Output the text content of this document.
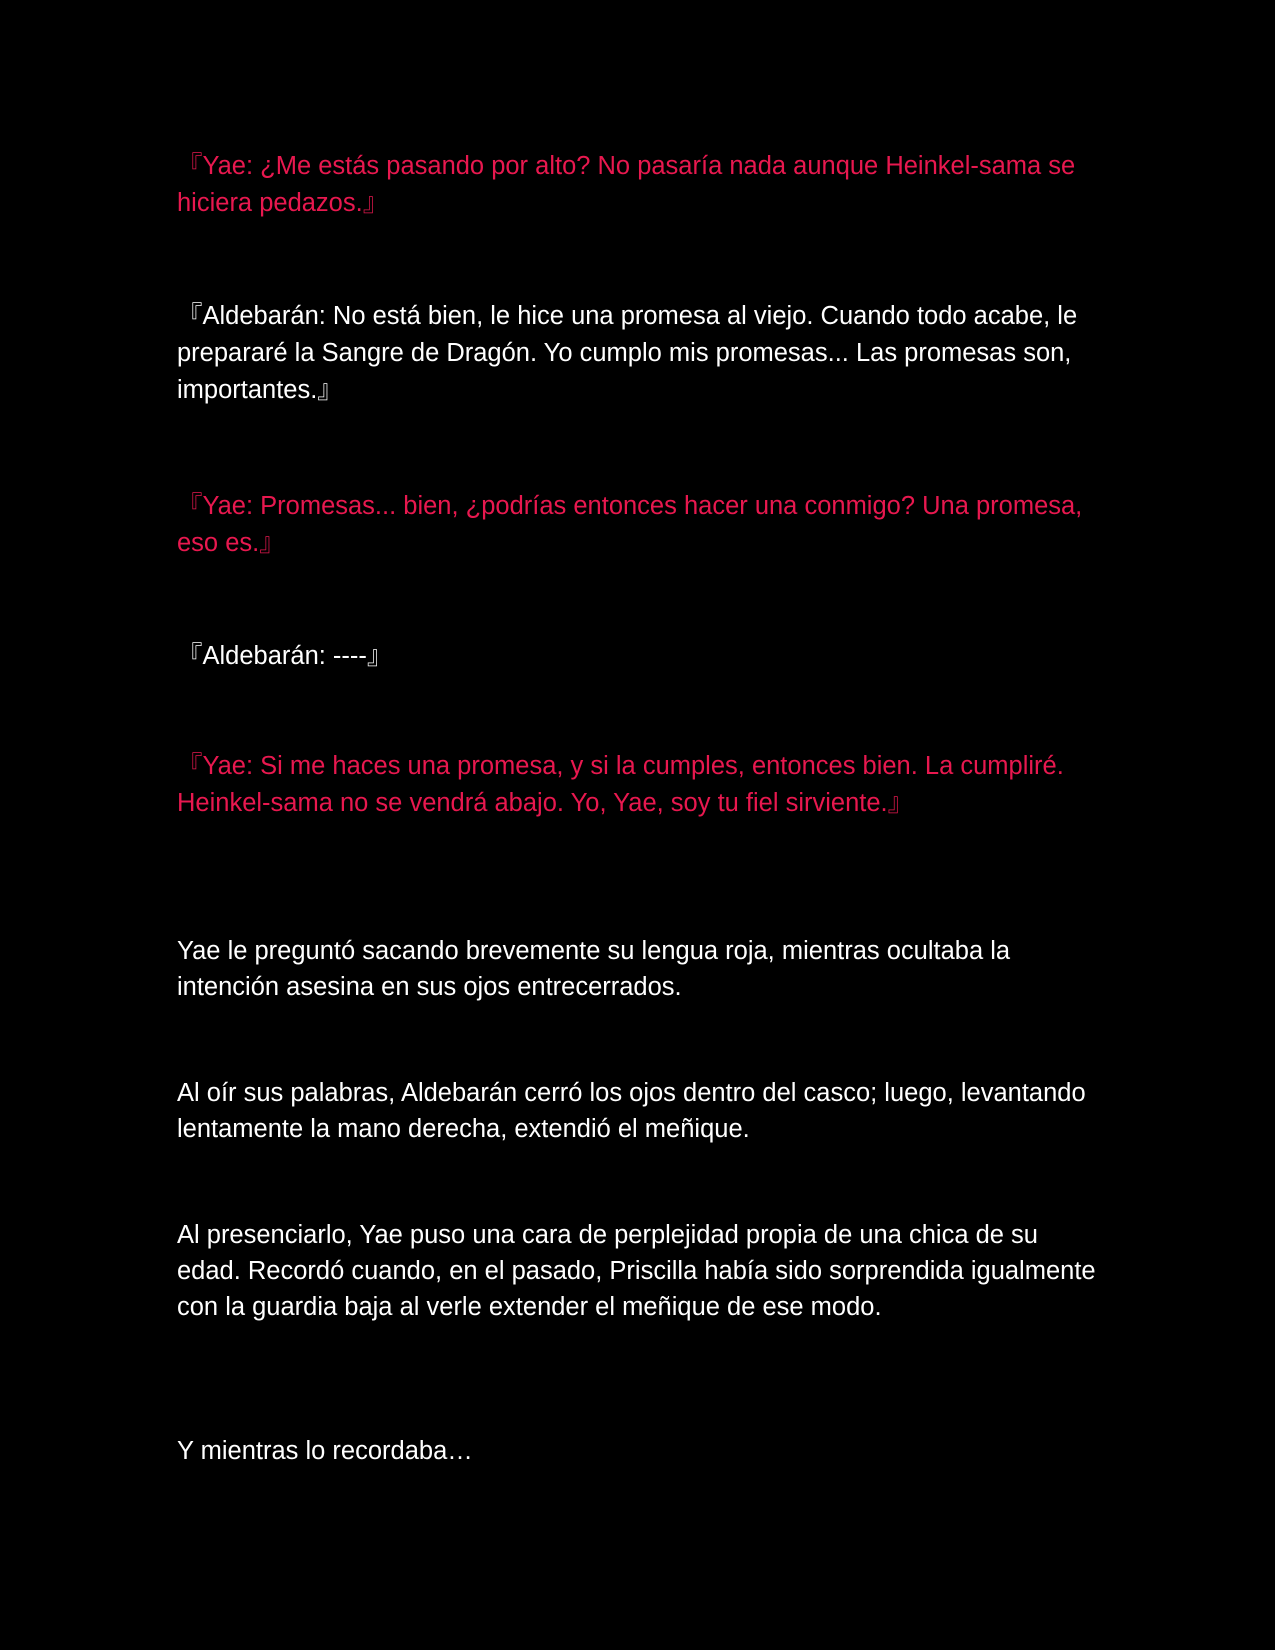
『Yae: ¿Me estás pasando por alto? No pasaría nada aunque Heinkel-sama se hiciera pedazos.』

『Aldebarán: No está bien, le hice una promesa al viejo. Cuando todo acabe, le prepararé la Sangre de Dragón. Yo cumplo mis promesas... Las promesas son, importantes.』

『Yae: Promesas... bien, ¿podrías entonces hacer una conmigo? Una promesa, eso es.』

『Aldebarán: ----』

『Yae: Si me haces una promesa, y si la cumples, entonces bien. La cumpliré. Heinkel-sama no se vendrá abajo. Yo, Yae, soy tu fiel sirviente.』

Yae le preguntó sacando brevemente su lengua roja, mientras ocultaba la intención asesina en sus ojos entrecerrados.

Al oír sus palabras, Aldebarán cerró los ojos dentro del casco; luego, levantando lentamente la mano derecha, extendió el meñique.

Al presenciarlo, Yae puso una cara de perplejidad propia de una chica de su edad. Recordó cuando, en el pasado, Priscilla había sido sorprendida igualmente con la guardia baja al verle extender el meñique de ese modo.

Y mientras lo recordaba…
